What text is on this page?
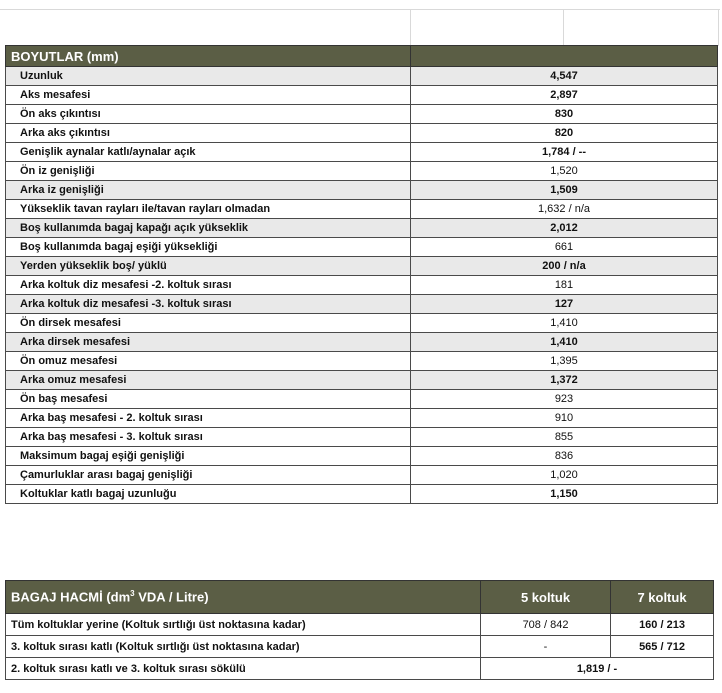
BOYUTLAR (mm)	
Uzunluk	4,547
Aks mesafesi	2,897
Ön aks çıkıntısı	830
Arka aks çıkıntısı	820
Genişlik aynalar katlı/aynalar açık	1,784 / --
Ön iz genişliği	1,520
Arka iz genişliği	1,509
Yükseklik tavan rayları ile/tavan rayları olmadan	1,632 / n/a
Boş kullanımda bagaj kapağı açık yükseklik	2,012
Boş kullanımda bagaj eşiği yüksekliği	661
Yerden yükseklik boş/ yüklü	200 / n/a
Arka koltuk diz mesafesi -2. koltuk sırası	181
Arka koltuk diz mesafesi -3. koltuk sırası	127
Ön dirsek mesafesi	1,410
Arka dirsek mesafesi	1,410
Ön omuz mesafesi	1,395
Arka omuz mesafesi	1,372
Ön baş mesafesi	923
Arka baş mesafesi - 2. koltuk sırası	910
Arka baş mesafesi - 3. koltuk sırası	855
Maksimum bagaj eşiği genişliği	836
Çamurluklar arası bagaj genişliği	1,020
Koltuklar katlı bagaj uzunluğu	1,150
BAGAJ HACMİ ($dm^3$ VDA / Litre)	5 koltuk	7 koltuk
Tüm koltuklar yerine (Koltuk sırtlığı üst noktasına kadar)	708 / 842	160 / 213
3. koltuk sırası katlı (Koltuk sırtlığı üst noktasına kadar)	-	565 / 712
2. koltuk sırası katlı ve 3. koltuk sırası sökülü	1,819 / -	
